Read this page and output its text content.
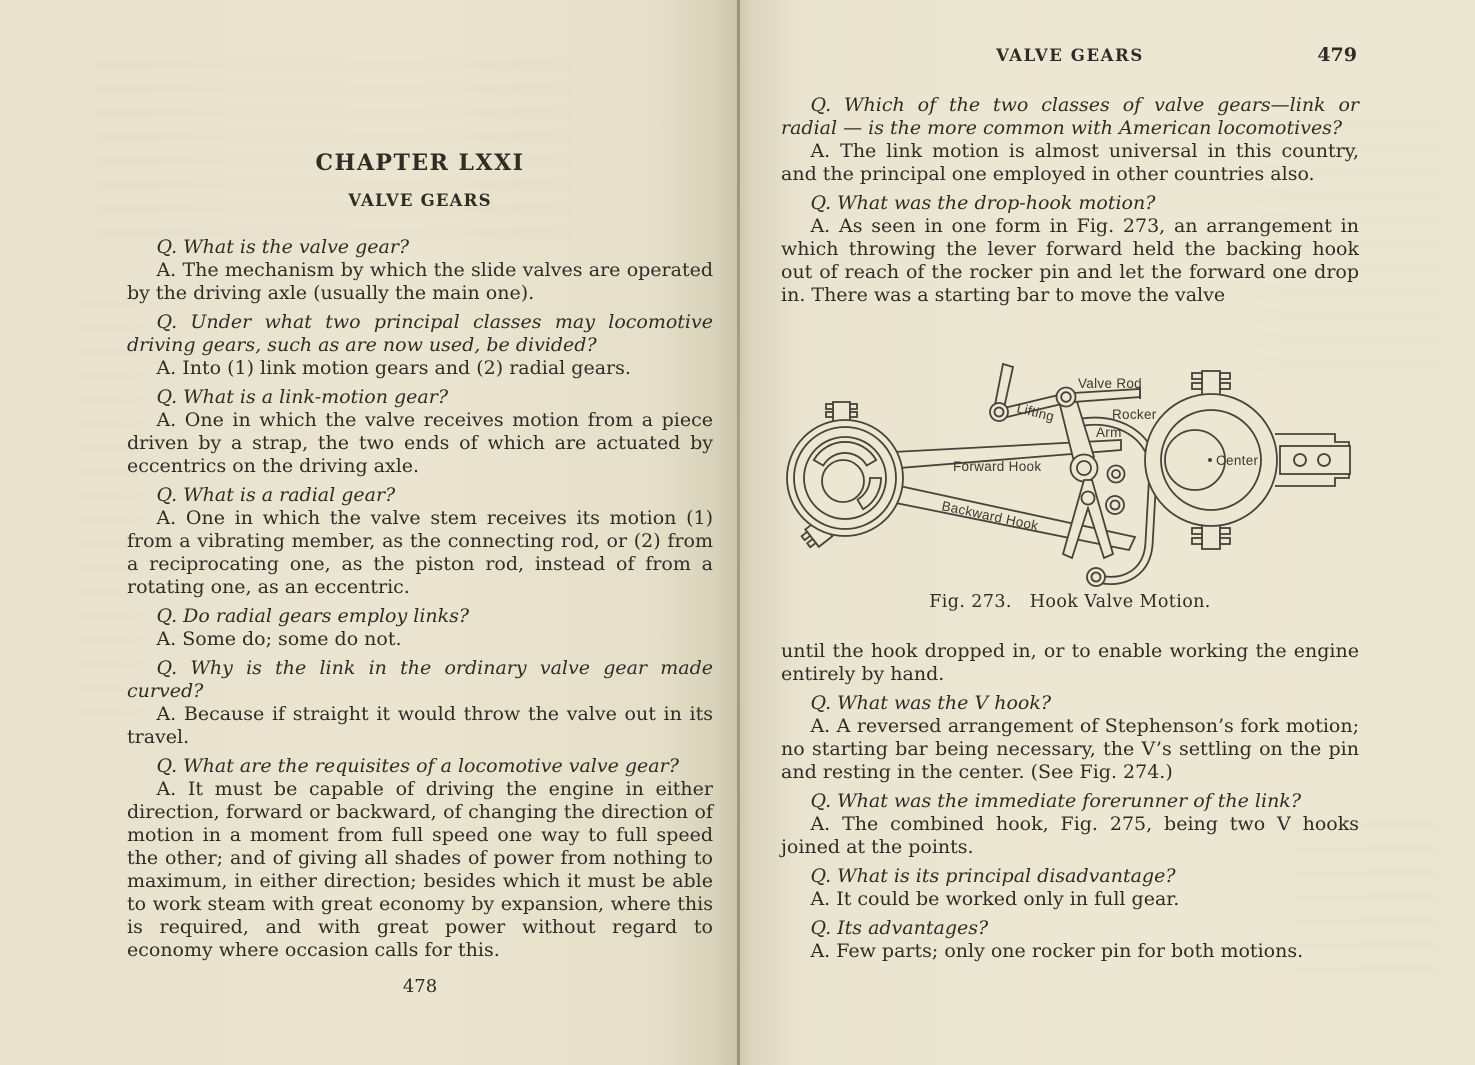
CHAPTER LXXI
VALVE GEARS

Q. What is the valve gear?

A. The mechanism by which the slide valves are operated by the driving axle (usually the main one).

Q. Under what two principal classes may locomotive driving gears, such as are now used, be divided?

A. Into (1) link motion gears and (2) radial gears.

Q. What is a link-motion gear?

A. One in which the valve receives motion from a piece driven by a strap, the two ends of which are actuated by eccentrics on the driving axle.

Q. What is a radial gear?

A. One in which the valve stem receives its motion (1) from a vibrating member, as the connecting rod, or (2) from a reciprocating one, as the piston rod, instead of from a rotating one, as an eccentric.

Q. Do radial gears employ links?

A. Some do; some do not.

Q. Why is the link in the ordinary valve gear made curved?

A. Because if straight it would throw the valve out in its travel.

Q. What are the requisites of a locomotive valve gear?

A. It must be capable of driving the engine in either direction, forward or backward, of changing the direction of motion in a moment from full speed one way to full speed the other; and of giving all shades of power from nothing to maximum, in either direction; besides which it must be able to work steam with great economy by expansion, where this is required, and with great power without regard to economy where occasion calls for this.

478
VALVE GEARS	479

Q. Which of the two classes of valve gears—link or radial — is the more common with American locomotives?

A. The link motion is almost universal in this country, and the principal one employed in other countries also.

Q. What was the drop-hook motion?

A. As seen in one form in Fig. 273, an arrangement in which throwing the lever forward held the backing hook out of reach of the rocker pin and let the forward one drop in. There was a starting bar to move the valve

Valve Rod
Lifting	Rocker
Arm
Forward Hook
Backward Hook
Center
Fig. 273.   Hook Valve Motion.

until the hook dropped in, or to enable working the engine entirely by hand.

Q. What was the V hook?

A. A reversed arrangement of Stephenson’s fork motion; no starting bar being necessary, the V’s settling on the pin and resting in the center. (See Fig. 274.)

Q. What was the immediate forerunner of the link?

A. The combined hook, Fig. 275, being two V hooks joined at the points.

Q. What is its principal disadvantage?

A. It could be worked only in full gear.

Q. Its advantages?

A. Few parts; only one rocker pin for both motions.
